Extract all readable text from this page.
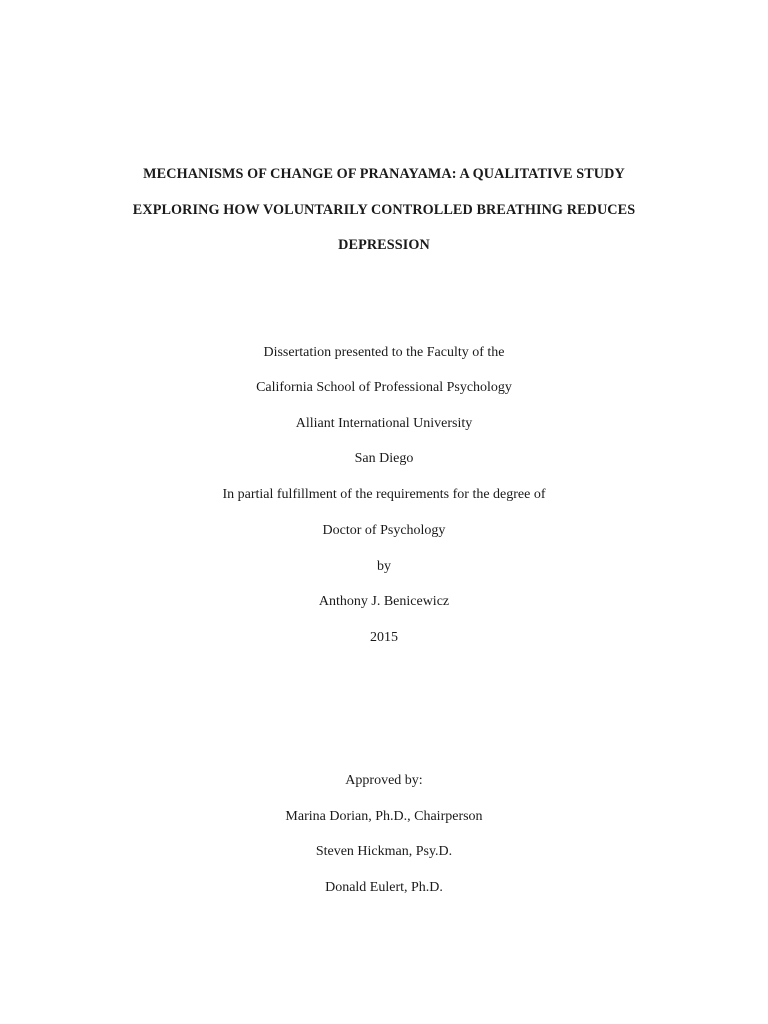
MECHANISMS OF CHANGE OF PRANAYAMA: A QUALITATIVE STUDY
EXPLORING HOW VOLUNTARILY CONTROLLED BREATHING REDUCES
DEPRESSION
Dissertation presented to the Faculty of the
California School of Professional Psychology
Alliant International University
San Diego
In partial fulfillment of the requirements for the degree of
Doctor of Psychology
by
Anthony J. Benicewicz
2015
Approved by:
Marina Dorian, Ph.D., Chairperson
Steven Hickman, Psy.D.
Donald Eulert, Ph.D.
